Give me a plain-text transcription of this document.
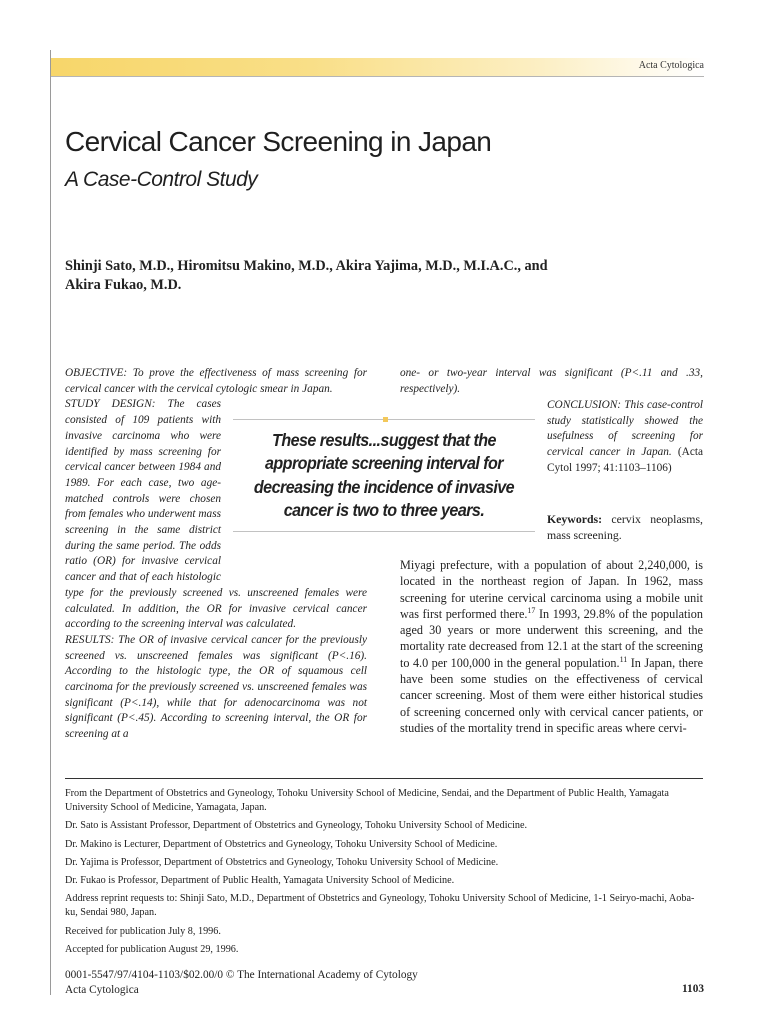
Acta Cytologica
Cervical Cancer Screening in Japan
A Case-Control Study

Shinji Sato, M.D., Hiromitsu Makino, M.D., Akira Yajima, M.D., M.I.A.C., and
Akira Fukao, M.D.

OBJECTIVE: To prove the effectiveness of mass screening for cervical cancer with the cervical cytologic smear in Japan.

STUDY DESIGN: The cases consisted of 109 patients with invasive carcinoma who were identified by mass screening for cervical cancer between 1984 and 1989. For each case, two age-matched controls were chosen from females who underwent mass screening in the same district during the same period. The odds ratio (OR) for invasive cervical cancer and that of each histologic type for the previously screened vs. unscreened females were calculated. In addition, the OR for invasive cervical cancer according to the screening interval was calculated.

RESULTS: The OR of invasive cervical cancer for the previously screened vs. unscreened females was significant (P<.16). According to the histologic type, the OR of squamous cell carcinoma for the previously screened vs. unscreened females was significant (P<.14), while that for adenocarcinoma was not significant (P<.45). According to screening interval, the OR for screening at a

These results...suggest that the appropriate screening interval for decreasing the incidence of invasive cancer is two to three years.

one- or two-year interval was significant (P<.11 and .33, respectively).

CONCLUSION: This case-control study statistically showed the usefulness of screening for cervical cancer in Japan. (Acta Cytol 1997; 41:1103–1106)

Keywords: cervix neoplasms, mass screening.

Miyagi prefecture, with a population of about 2,240,000, is located in the northeast region of Japan. In 1962, mass screening for uterine cervical carcinoma using a mobile unit was first performed there.$^{17}$ In 1993, 29.8% of the population aged 30 years or more underwent this screening, and the mortality rate decreased from 12.1 at the start of the screening to 4.0 per 100,000 in the general population.$^{11}$ In Japan, there have been some studies on the effectiveness of cervical cancer screening. Most of them were either historical studies of screening concerned only with cervical cancer patients, or studies of the mortality trend in specific areas where cervi-

From the Department of Obstetrics and Gyneology, Tohoku University School of Medicine, Sendai, and the Department of Public Health, Yamagata University School of Medicine, Yamagata, Japan.

Dr. Sato is Assistant Professor, Department of Obstetrics and Gyneology, Tohoku University School of Medicine.

Dr. Makino is Lecturer, Department of Obstetrics and Gyneology, Tohoku University School of Medicine.

Dr. Yajima is Professor, Department of Obstetrics and Gyneology, Tohoku University School of Medicine.

Dr. Fukao is Professor, Department of Public Health, Yamagata University School of Medicine.

Address reprint requests to: Shinji Sato, M.D., Department of Obstetrics and Gyneology, Tohoku University School of Medicine, 1-1 Seiryo-machi, Aoba-ku, Sendai 980, Japan.

Received for publication July 8, 1996.

Accepted for publication August 29, 1996.

0001-5547/97/4104-1103/$02.00/0 © The International Academy of Cytology
Acta Cytologica	1103
